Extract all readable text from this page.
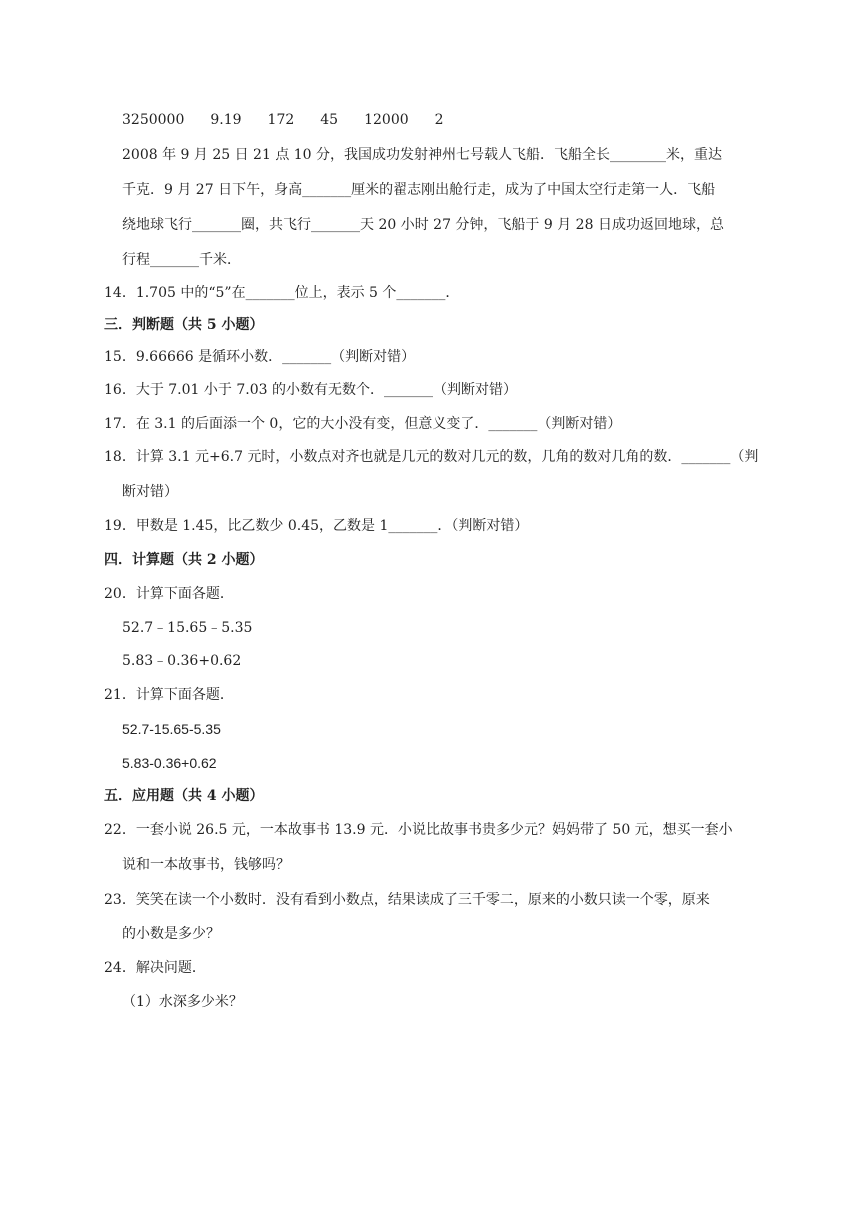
3250000 9.19 172 45 12000 2
2008 年 9 月 25 日 21 点 10 分，我国成功发射神州七号载人飞船．飞船全长________米，重达
千克．9 月 27 日下午，身高_______厘米的翟志刚出舱行走，成为了中国太空行走第一人．飞船
绕地球飞行_______圈，共飞行_______天 20 小时 27 分钟，飞船于 9 月 28 日成功返回地球，总
行程_______千米．
14．1.705 中的“5”在_______位上，表示 5 个_______．
三．判断题（共 5 小题）
15．9.66666 是循环小数．_______（判断对错）
16．大于 7.01 小于 7.03 的小数有无数个．_______（判断对错）
17．在 3.1 的后面添一个 0，它的大小没有变，但意义变了．_______（判断对错）
18．计算 3.1 元+6.7 元时，小数点对齐也就是几元的数对几元的数，几角的数对几角的数．_______（判
断对错）
19．甲数是 1.45，比乙数少 0.45，乙数是 1_______．（判断对错）
四．计算题（共 2 小题）
20．计算下面各题．
52.7﹣15.65﹣5.35
5.83﹣0.36+0.62
21．计算下面各题．
52.7-15.65-5.35
5.83-0.36+0.62
五．应用题（共 4 小题）
22．一套小说 26.5 元，一本故事书 13.9 元．小说比故事书贵多少元？妈妈带了 50 元，想买一套小
说和一本故事书，钱够吗？
23．笑笑在读一个小数时．没有看到小数点，结果读成了三千零二，原来的小数只读一个零，原来
的小数是多少？
24．解决问题．
（1）水深多少米？
